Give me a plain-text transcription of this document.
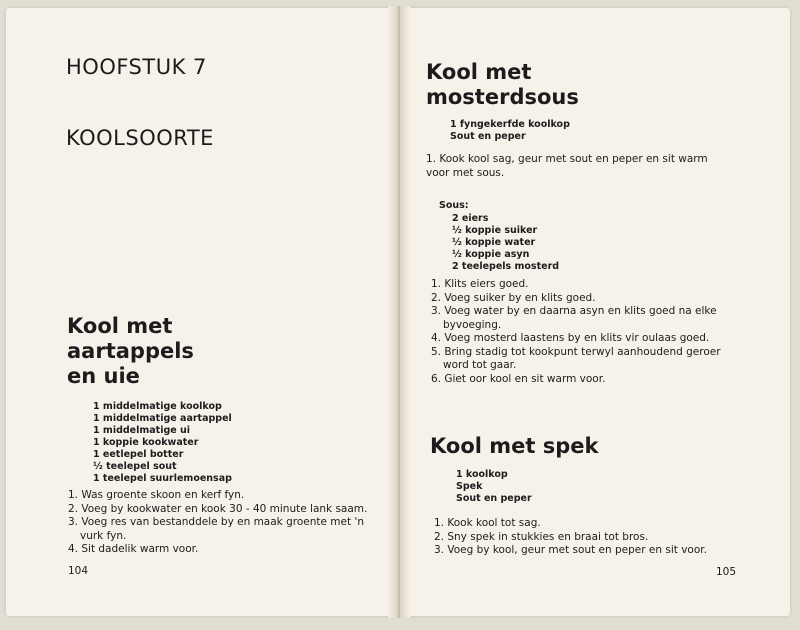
HOOFSTUK 7
KOOLSOORTE
Kool met
aartappels
en uie
1 middelmatige koolkop
1 middelmatige aartappel
1 middelmatige ui
1 koppie kookwater
1 eetlepel botter
½ teelepel sout
1 teelepel suurlemoensap
1. Was groente skoon en kerf fyn.
2. Voeg by kookwater en kook 30 - 40 minute lank saam.
3. Voeg res van bestanddele by en maak groente met 'n vurk fyn.
4. Sit dadelik warm voor.
104
Kool met
mosterdsous
1 fyngekerfde koolkop
Sout en peper
1. Kook kool sag, geur met sout en peper en sit warm voor met sous.
Sous:
2 eiers
½ koppie suiker
½ koppie water
½ koppie asyn
2 teelepels mosterd
1. Klits eiers goed.
2. Voeg suiker by en klits goed.
3. Voeg water by en daarna asyn en klits goed na elke byvoeging.
4. Voeg mosterd laastens by en klits vir oulaas goed.
5. Bring stadig tot kookpunt terwyl aanhoudend geroer word tot gaar.
6. Giet oor kool en sit warm voor.
Kool met spek
1 koolkop
Spek
Sout en peper
1. Kook kool tot sag.
2. Sny spek in stukkies en braai tot bros.
3. Voeg by kool, geur met sout en peper en sit voor.
105
